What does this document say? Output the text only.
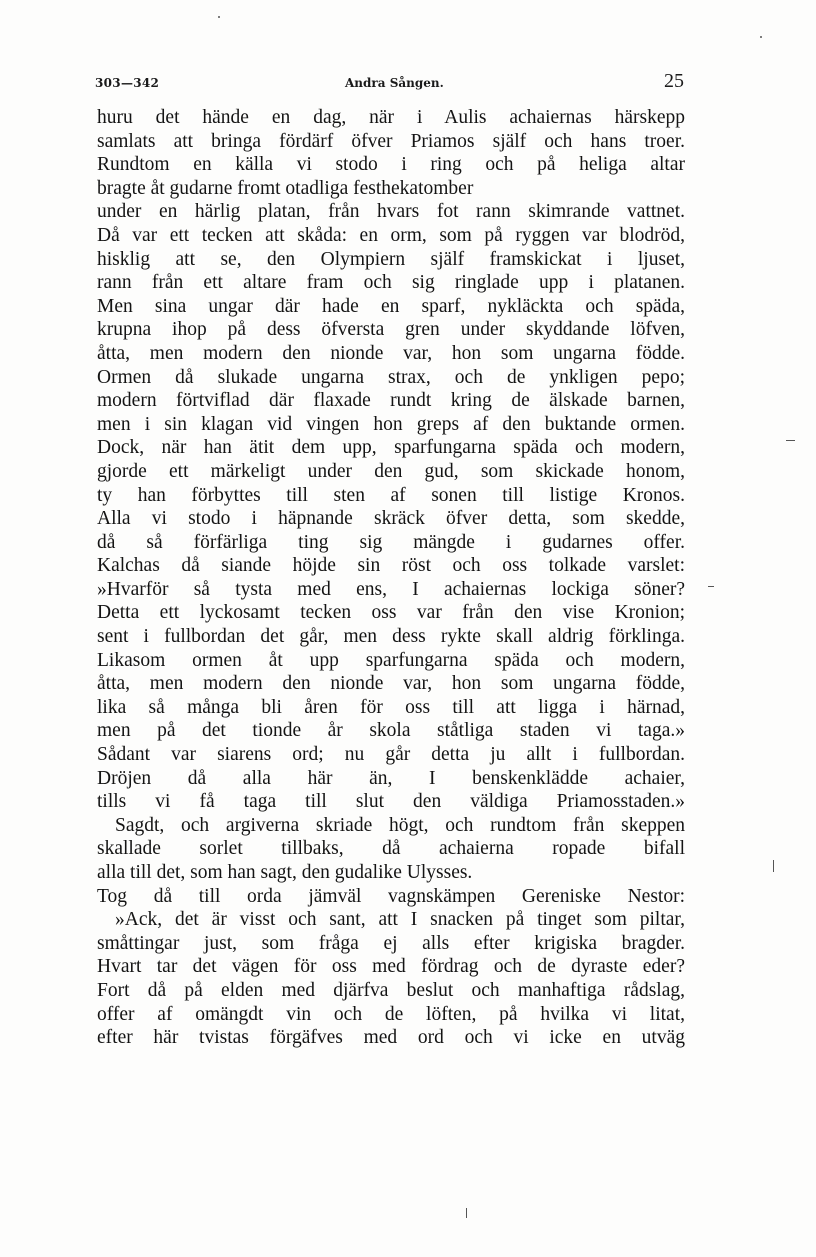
303—342	Andra Sången.	25
huru det hände en dag, när i Aulis achaiernas härskepp
samlats att bringa fördärf öfver Priamos själf och hans troer.
Rundtom en källa vi stodo i ring och på heliga altar
bragte åt gudarne fromt otadliga festhekatomber
under en härlig platan, från hvars fot rann skimrande vattnet.
Då var ett tecken att skåda: en orm, som på ryggen var blodröd,
hisklig att se, den Olympiern själf framskickat i ljuset,
rann från ett altare fram och sig ringlade upp i platanen.
Men sina ungar där hade en sparf, nykläckta och späda,
krupna ihop på dess öfversta gren under skyddande löfven,
åtta, men modern den nionde var, hon som ungarna födde.
Ormen då slukade ungarna strax, och de ynkligen pepo;
modern förtviflad där flaxade rundt kring de älskade barnen,
men i sin klagan vid vingen hon greps af den buktande ormen.
Dock, när han ätit dem upp, sparfungarna späda och modern,
gjorde ett märkeligt under den gud, som skickade honom,
ty han förbyttes till sten af sonen till listige Kronos.
Alla vi stodo i häpnande skräck öfver detta, som skedde,
då så förfärliga ting sig mängde i gudarnes offer.
Kalchas då siande höjde sin röst och oss tolkade varslet:
»Hvarför så tysta med ens, I achaiernas lockiga söner?
Detta ett lyckosamt tecken oss var från den vise Kronion;
sent i fullbordan det går, men dess rykte skall aldrig förklinga.
Likasom ormen åt upp sparfungarna späda och modern,
åtta, men modern den nionde var, hon som ungarna födde,
lika så många bli åren för oss till att ligga i härnad,
men på det tionde år skola ståtliga staden vi taga.»
Sådant var siarens ord; nu går detta ju allt i fullbordan.
Dröjen då alla här än, I benskenklädde achaier,
tills vi få taga till slut den väldiga Priamosstaden.»
Sagdt, och argiverna skriade högt, och rundtom från skeppen
skallade sorlet tillbaks, då achaierna ropade bifall
alla till det, som han sagt, den gudalike Ulysses.
Tog då till orda jämväl vagnskämpen Gereniske Nestor:
»Ack, det är visst och sant, att I snacken på tinget som piltar,
småttingar just, som fråga ej alls efter krigiska bragder.
Hvart tar det vägen för oss med fördrag och de dyraste eder?
Fort då på elden med djärfva beslut och manhaftiga rådslag,
offer af omängdt vin och de löften, på hvilka vi litat,
efter här tvistas förgäfves med ord och vi icke en utväg
